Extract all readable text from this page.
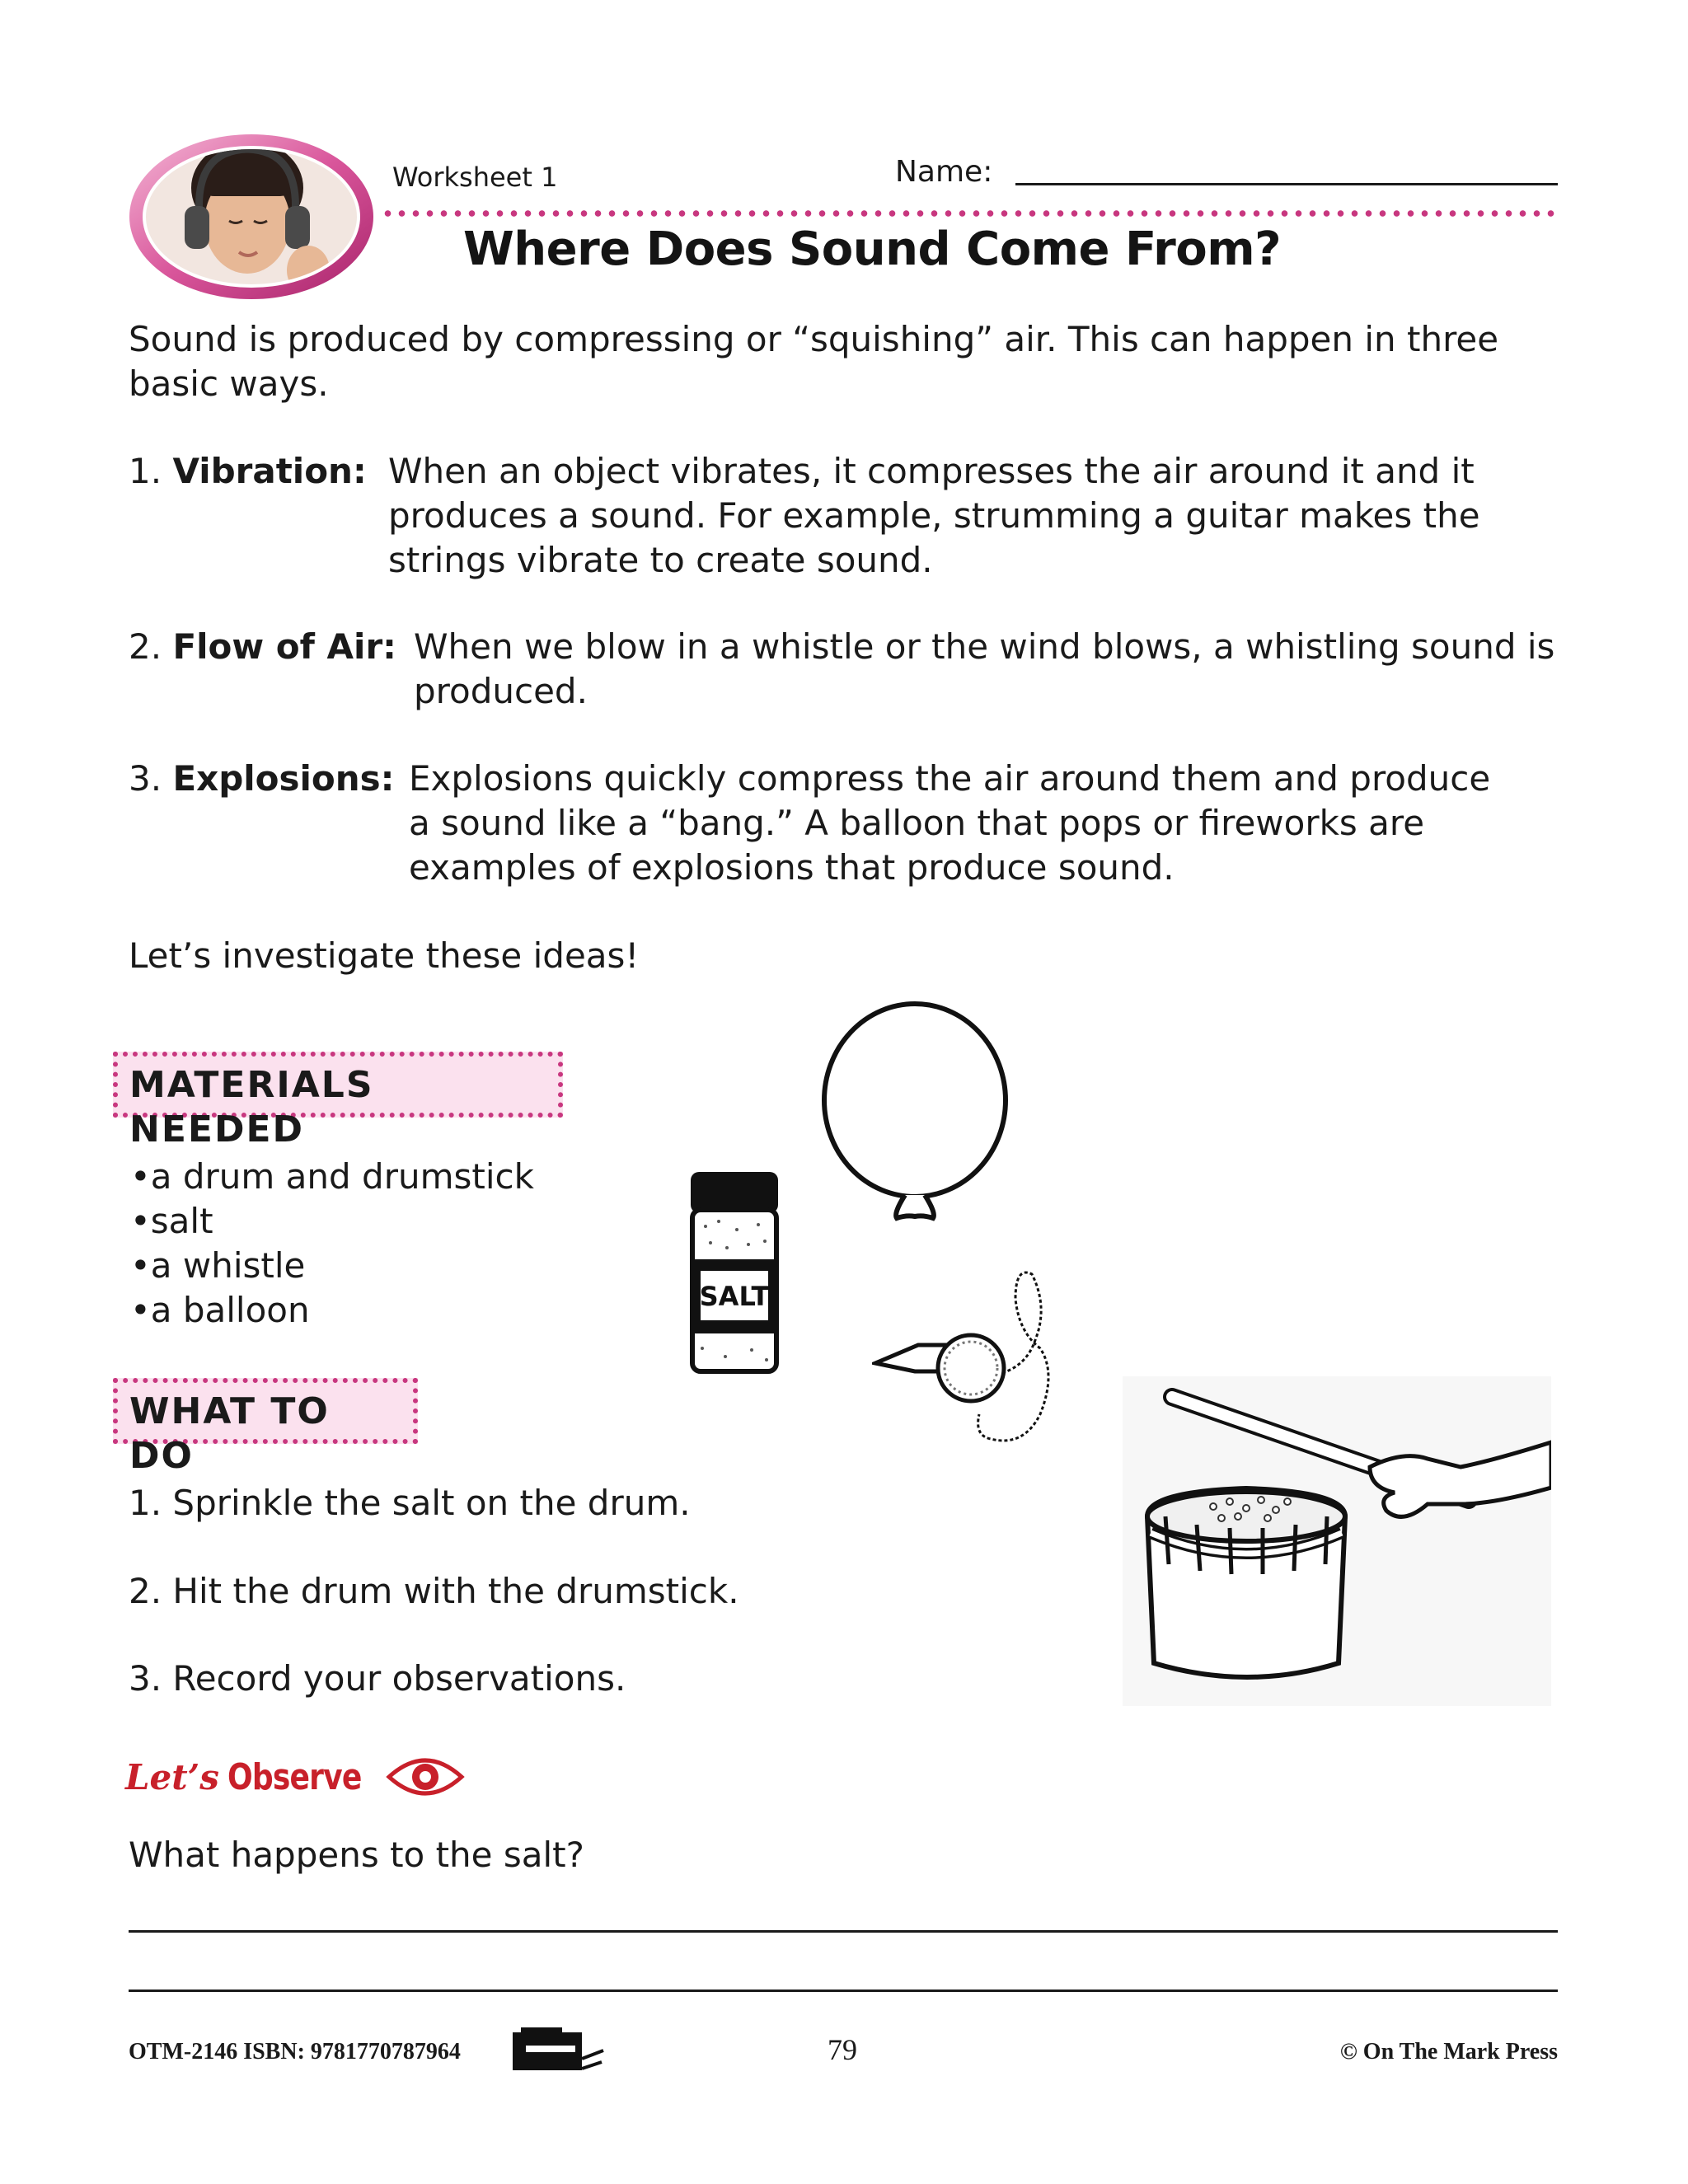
Worksheet 1	Name:
Where Does Sound Come From?
Sound is produced by compressing or “squishing” air. This can happen in three
basic ways.
1. Vibration: When an object vibrates, it compresses the air around it and it
produces a sound. For example, strumming a guitar makes the
strings vibrate to create sound.
2. Flow of Air: When we blow in a whistle or the wind blows, a whistling sound is
produced.
3. Explosions: Explosions quickly compress the air around them and produce
a sound like a “bang.” A balloon that pops or fireworks are
examples of explosions that produce sound.
Let’s investigate these ideas!
MATERIALS NEEDED
•a drum and drumstick
•salt
•a whistle
•a balloon
WHAT TO DO
1. Sprinkle the salt on the drum.
2. Hit the drum with the drumstick.
3. Record your observations.
SALT
Let’s Observe
What happens to the salt?
OTM-2146 ISBN: 9781770787964	79	© On The Mark Press
